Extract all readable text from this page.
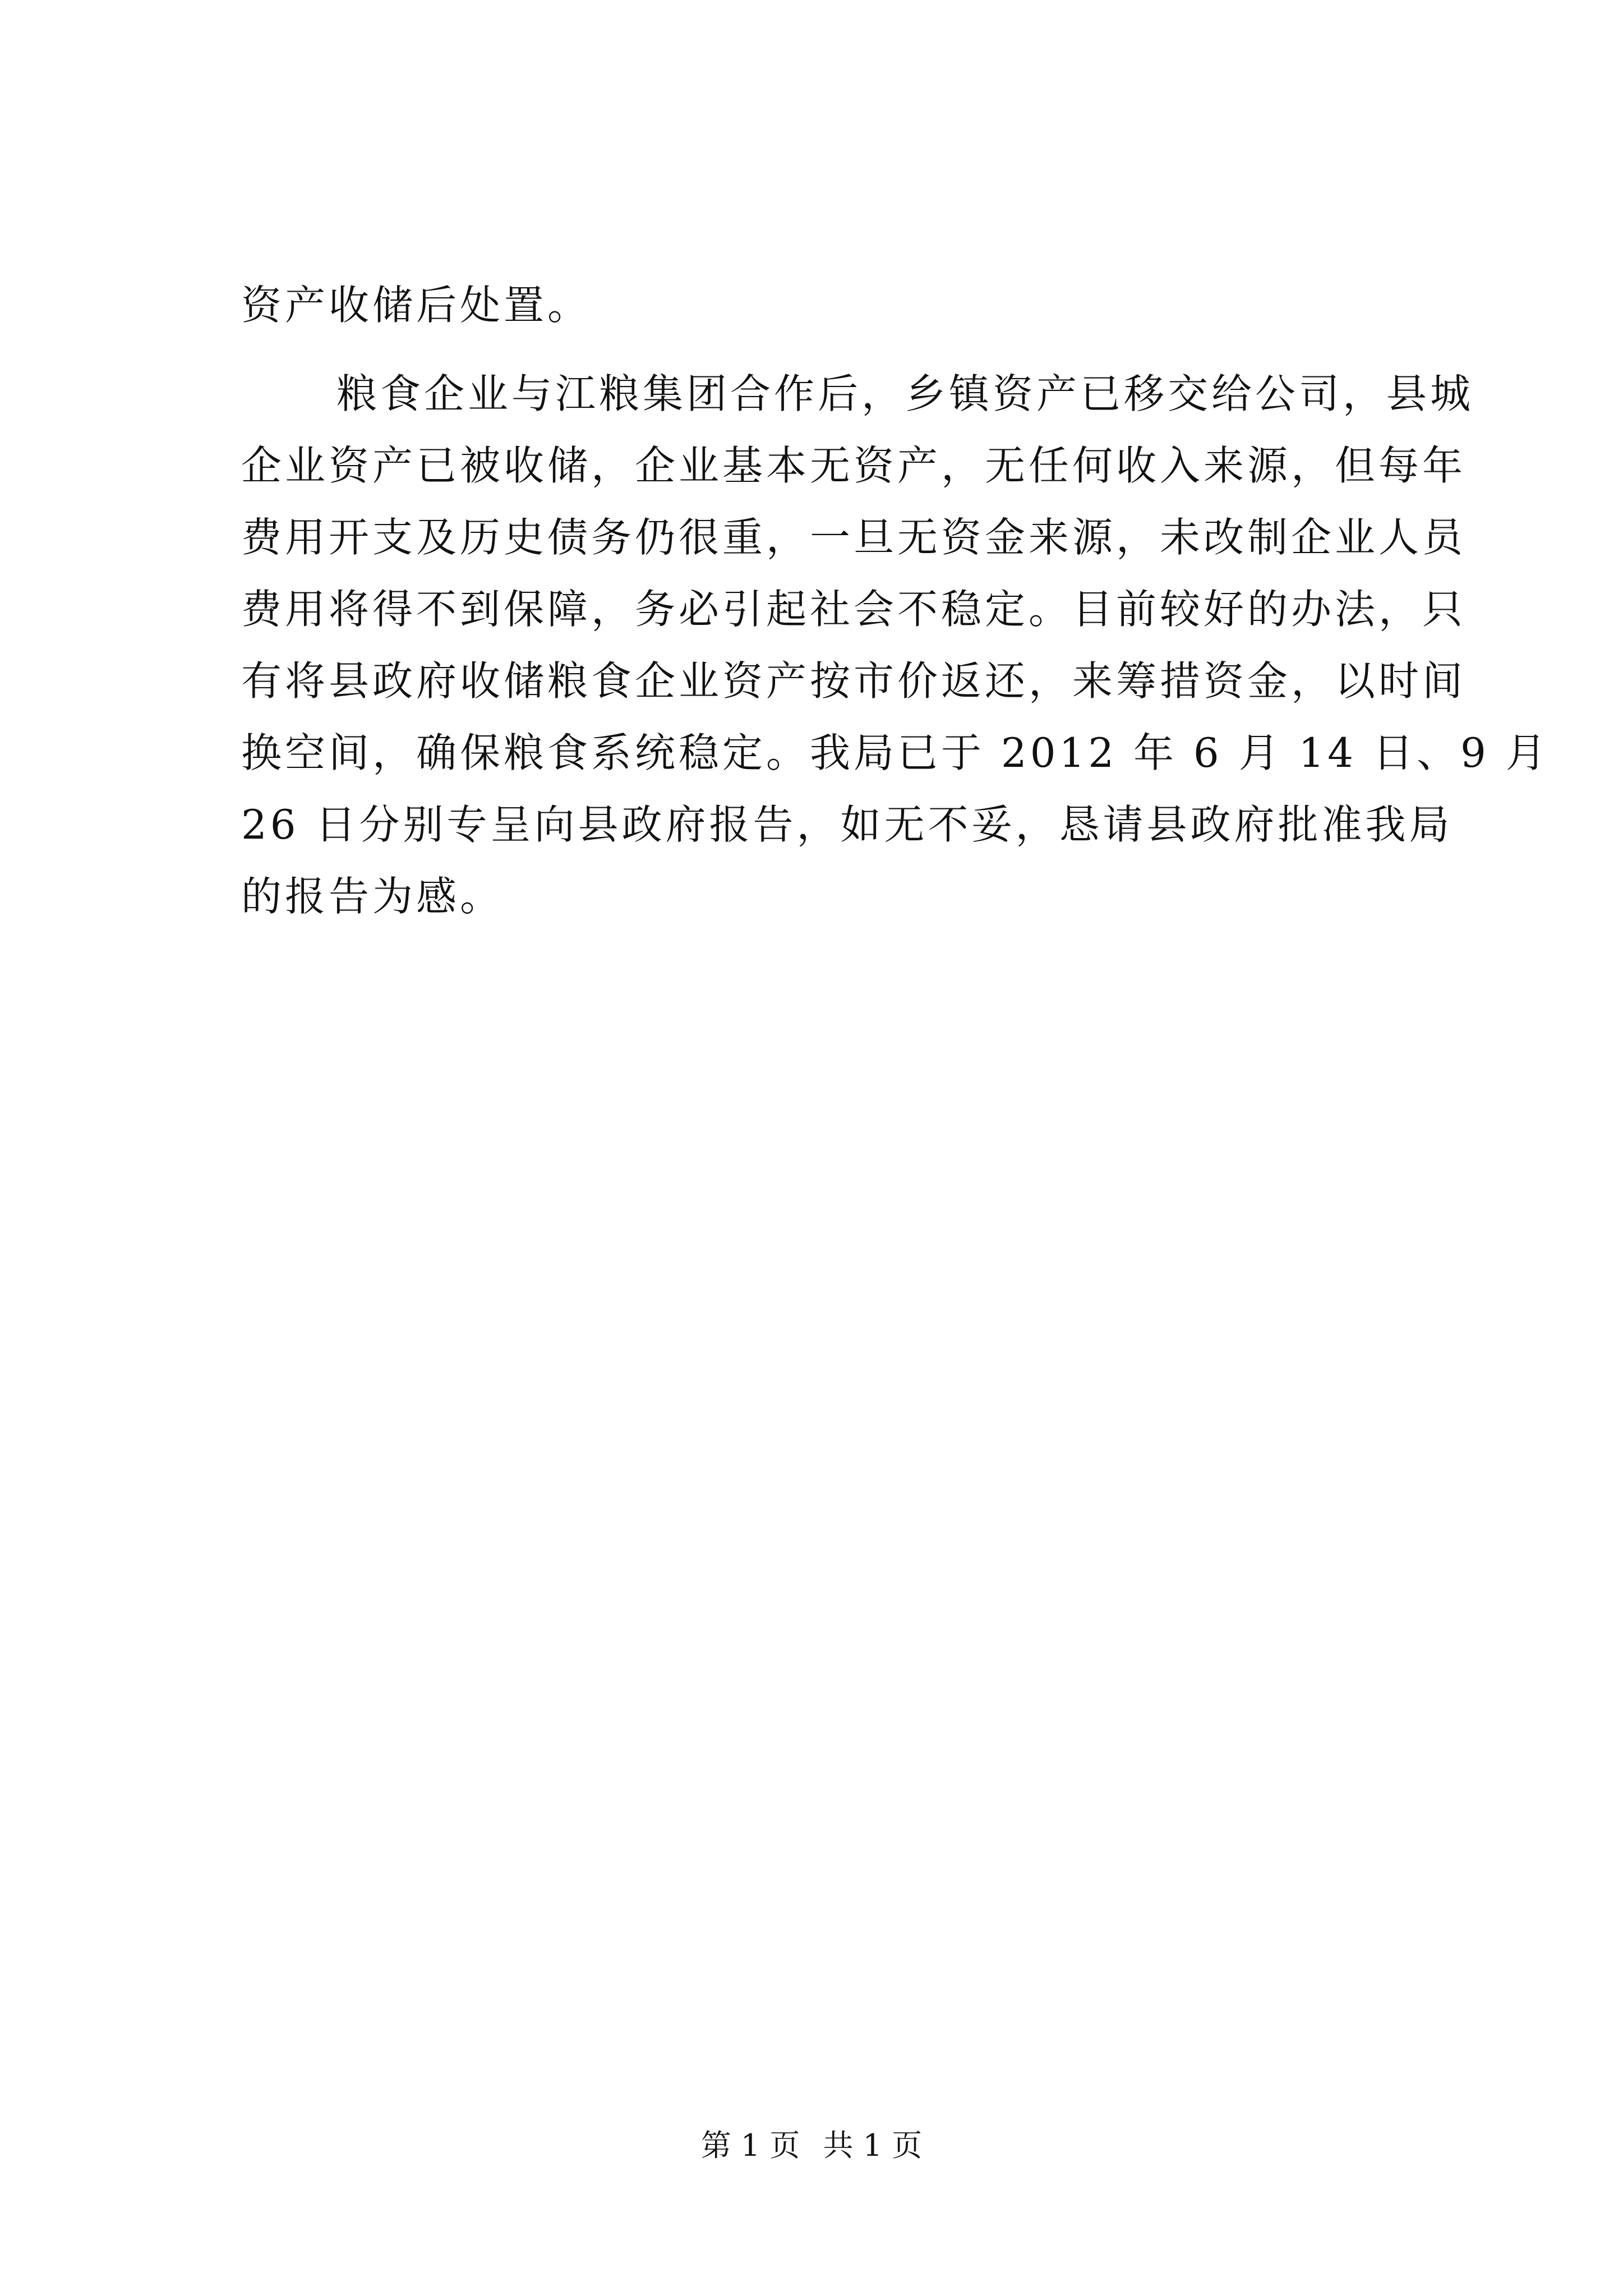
资产收储后处置。
粮食企业与江粮集团合作后，乡镇资产已移交给公司，县城
企业资产已被收储，企业基本无资产，无任何收入来源，但每年
费用开支及历史债务仍很重，一旦无资金来源，未改制企业人员
费用将得不到保障，务必引起社会不稳定。目前较好的办法，只
有将县政府收储粮食企业资产按市价返还，来筹措资金，以时间
换空间，确保粮食系统稳定。我局已于 2012 年 6 月 14 日、9 月
26 日分别专呈向县政府报告，如无不妥，恳请县政府批准我局
的报告为感。
第 1 页 共 1 页
